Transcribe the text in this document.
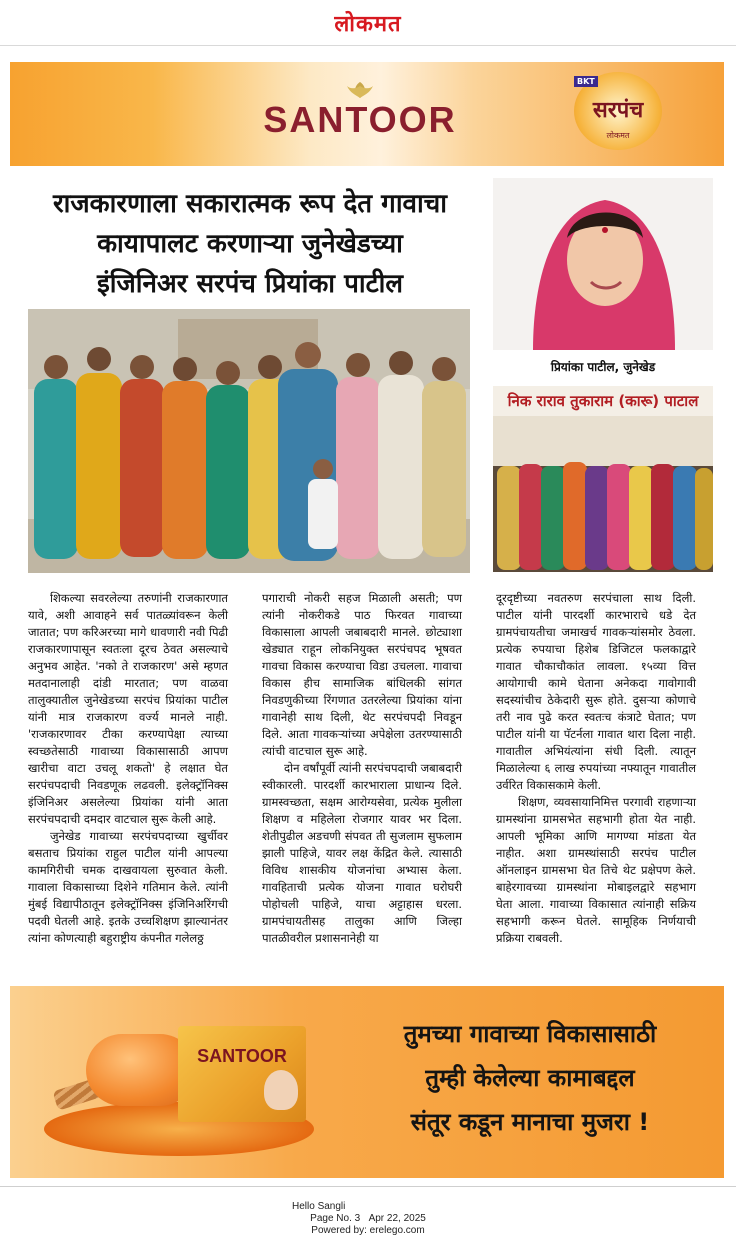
लोकमत
SANTOOR
BKT
सरपंच
लोकमत
राजकारणाला सकारात्मक रूप देत गावाचा
कायापालट करणाऱ्या जुनेखेडच्या
इंजिनिअर सरपंच प्रियांका पाटील
प्रियांका पाटील, जुनेखेड
निक राराव तुकाराम (कारू) पाटाल

शिकल्या सवरलेल्या तरुणांनी राजकारणात यावे, अशी आवाहने सर्व पातळ्यांवरून केली जातात; पण करिअरच्या मागे धावणारी नवी पिढी राजकारणापासून स्वतःला दूरच ठेवत असल्याचे अनुभव आहेत. 'नको ते राजकारण' असे म्हणत मतदानालाही दांडी मारतात; पण वाळवा तालुक्यातील जुनेखेडच्या सरपंच प्रियांका पाटील यांनी मात्र राजकारण वर्ज्य मानले नाही. 'राजकारणावर टीका करण्यापेक्षा त्याच्या स्वच्छतेसाठी गावाच्या विकासासाठी आपण खारीचा वाटा उचलू शकतो' हे लक्षात घेत सरपंचपदाची निवडणूक लढवली. इलेक्ट्रॉनिक्स इंजिनिअर असलेल्या प्रियांका यांनी आता सरपंचपदाची दमदार वाटचाल सुरू केली आहे.

जुनेखेड गावाच्या सरपंचपदाच्या खुर्चीवर बसताच प्रियांका राहुल पाटील यांनी आपल्या कामगिरीची चमक दाखवायला सुरुवात केली. गावाला विकासाच्या दिशेने गतिमान केले. त्यांनी मुंबई विद्यापीठातून इलेक्ट्रॉनिक्स इंजिनिअरिंगची पदवी घेतली आहे. इतके उच्चशिक्षण झाल्यानंतर त्यांना कोणत्याही बहुराष्ट्रीय कंपनीत गलेलठ्ठ

पगाराची नोकरी सहज मिळाली असती; पण त्यांनी नोकरीकडे पाठ फिरवत गावाच्या विकासाला आपली जबाबदारी मानले. छोट्याशा खेड्यात राहून लोकनियुक्त सरपंचपद भूषवत गावचा विकास करण्याचा विडा उचलला. गावाचा विकास हीच सामाजिक बांधिलकी सांगत निवडणुकीच्या रिंगणात उतरलेल्या प्रियांका यांना गावानेही साथ दिली, थेट सरपंचपदी निवडून दिले. आता गावकऱ्यांच्या अपेक्षेला उतरण्यासाठी त्यांची वाटचाल सुरू आहे.

दोन वर्षांपूर्वी त्यांनी सरपंचपदाची जबाबदारी स्वीकारली. पारदर्शी कारभाराला प्राधान्य दिले. ग्रामस्वच्छता, सक्षम आरोग्यसेवा, प्रत्येक मुलीला शिक्षण व महिलेला रोजगार यावर भर दिला. शेतीपुढील अडचणी संपवत ती सुजलाम सुफलाम झाली पाहिजे, यावर लक्ष केंद्रित केले. त्यासाठी विविध शासकीय योजनांचा अभ्यास केला. गावहिताची प्रत्येक योजना गावात घरोघरी पोहोचली पाहिजे, याचा अट्टाहास धरला. ग्रामपंचायतीसह तालुका आणि जिल्हा पातळीवरील प्रशासनानेही या

दूरदृष्टीच्या नवतरुण सरपंचाला साथ दिली. पाटील यांनी पारदर्शी कारभाराचे धडे देत ग्रामपंचायतीचा जमाखर्च गावकऱ्यांसमोर ठेवला. प्रत्येक रुपयाचा हिशेब डिजिटल फलकाद्वारे गावात चौकाचौकांत लावला. १५व्या वित्त आयोगाची कामे घेताना अनेकदा गावोगावी सदस्यांचीच ठेकेदारी सुरू होते. दुसऱ्या कोणाचे तरी नाव पुढे करत स्वतःच कंत्राटे घेतात; पण पाटील यांनी या पॅटर्नला गावात थारा दिला नाही. गावातील अभियंत्यांना संधी दिली. त्यातून मिळालेल्या ६ लाख रुपयांच्या नफ्यातून गावातील उर्वरित विकासकामे केली.

शिक्षण, व्यवसायानिमित्त परगावी राहणाऱ्या ग्रामस्थांना ग्रामसभेत सहभागी होता येत नाही. आपली भूमिका आणि मागण्या मांडता येत नाहीत. अशा ग्रामस्थांसाठी सरपंच पाटील ऑनलाइन ग्रामसभा घेत तिचे थेट प्रक्षेपण केले. बाहेरगावच्या ग्रामस्थांना मोबाइलद्वारे सहभाग घेता आला. गावाच्या विकासात त्यांनाही सक्रिय सहभागी करून घेतले. सामूहिक निर्णयाची प्रक्रिया राबवली.

SANTOOR
तुमच्या गावाच्या विकासासाठी
तुम्ही केलेल्या कामाबद्दल
संतूर कडून मानाचा मुजरा !
Hello Sangli
Page No. 3 Apr 22, 2025
Powered by: erelego.com
